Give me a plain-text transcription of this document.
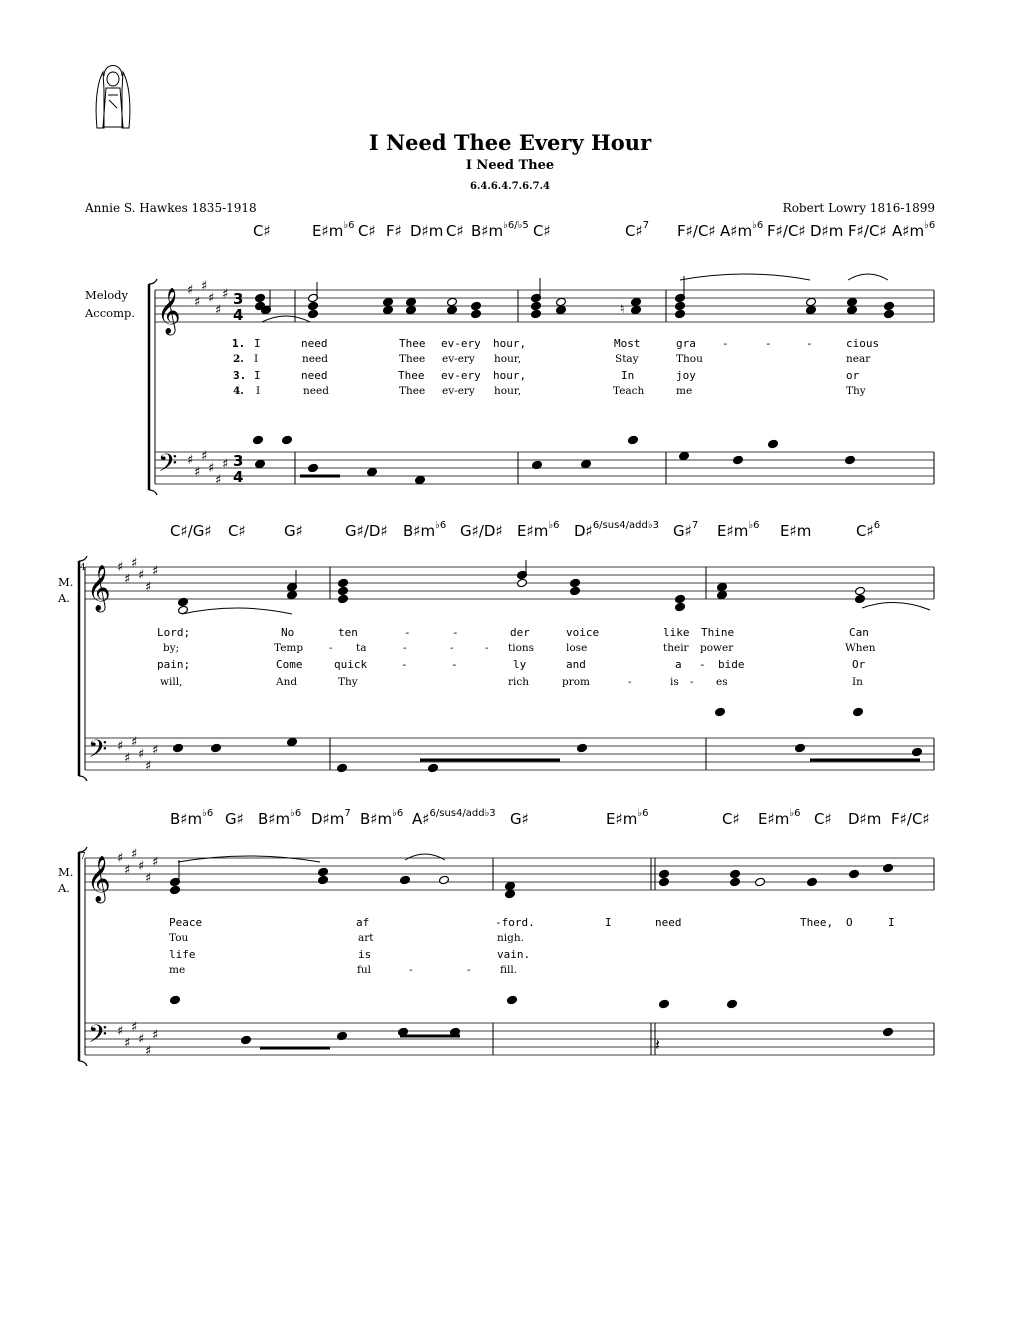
I Need Thee Every Hour
I Need Thee
6.4.6.4.7.6.7.4
Annie S. Hawkes 1835-1918	Robert Lowry 1816-1899
Melody
Accomp.
M.
A.
M.
A.
4
7
𝄞
𝄢
♯
♯
♯
♯
♯
♯
♯
♯
♯
♯
♯
♯
3
3
4
4
𝄞
𝄢
♯
♯
♯
♯
♯
♯
♯
♯
♯
♯
♯
♯
𝄞
𝄢
♯
♯
♯
♯
♯
♯
♯
♯
♯
♯
♯
♯
♮
𝄽
C♯	$E♯m^{♭6}$ C♯ F♯ D♯m C♯ $B♯m^{♭6/♭5}$ C♯	C♯$^7$ F♯/C♯ $A♯m^{♭6}$ F♯/C♯ D♯m F♯/C♯ $A♯m^{♭6}$
C♯/G♯ C♯	G♯	G♯/D♯ $B♯m^{♭6}$ G♯/D♯ $E♯m^{♭6}$ D♯$^{6/sus4/add♭3}$ G♯$^7$ $E♯m^{♭6}$ E♯m	C♯$^6$
$B♯m^{♭6}$ G♯ $B♯m^{♭6}$ $D♯m^7$ $B♯m^{♭6}$ A♯$^{6/sus4/add♭3}$ G♯	$E♯m^{♭6}$	C♯ $E♯m^{♭6}$ C♯ D♯m F♯/C♯
1. I	need	Thee ev-ery hour,	Most	gra -	-	-	cious
2. I	need	Thee ev-ery hour,	Stay	Thou	near
3. I	need	Thee ev-ery hour,	In	joy	or
4. I	need	Thee ev-ery hour,	Teach	me	Thy
Lord;	No	ten	-	-	der	voice	like Thine	Can
by;	Temp - ta	-	-	- tions	lose	their power	When
pain;	Come	quick	-	-	ly	and	a - bide	Or
will,	And	Thy	rich	prom	-	is - es	In
Peace	af	-ford.	I	need	Thee, O	I
Tou	art	nigh.
life	is	vain.
me	ful	-	-	fill.
